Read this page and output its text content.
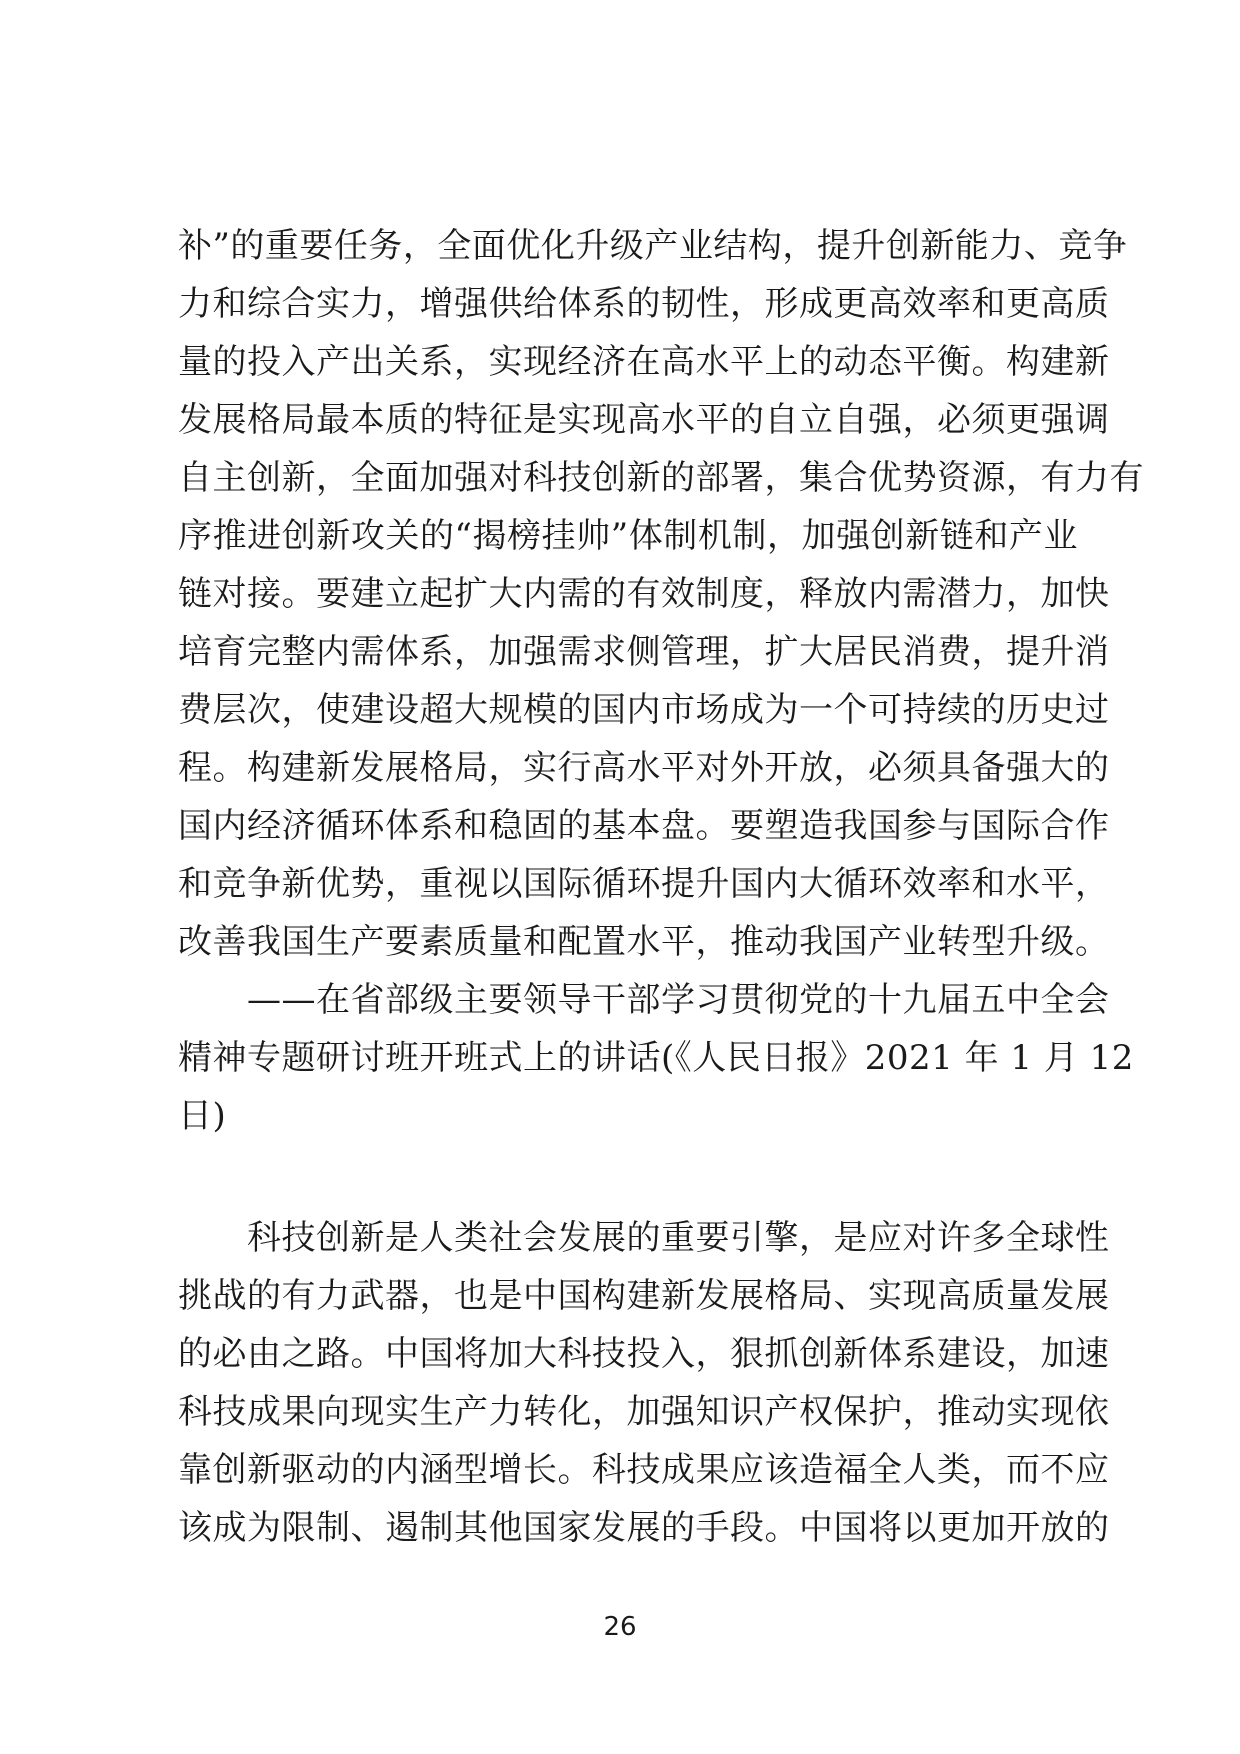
补”的重要任务，全面优化升级产业结构，提升创新能力、竞争
力和综合实力，增强供给体系的韧性，形成更高效率和更高质
量的投入产出关系，实现经济在高水平上的动态平衡。构建新
发展格局最本质的特征是实现高水平的自立自强，必须更强调
自主创新，全面加强对科技创新的部署，集合优势资源，有力有
序推进创新攻关的“揭榜挂帅”体制机制，加强创新链和产业
链对接。要建立起扩大内需的有效制度，释放内需潜力，加快
培育完整内需体系，加强需求侧管理，扩大居民消费，提升消
费层次，使建设超大规模的国内市场成为一个可持续的历史过
程。构建新发展格局，实行高水平对外开放，必须具备强大的
国内经济循环体系和稳固的基本盘。要塑造我国参与国际合作
和竞争新优势，重视以国际循环提升国内大循环效率和水平，
改善我国生产要素质量和配置水平，推动我国产业转型升级。
　　——在省部级主要领导干部学习贯彻党的十九届五中全会
精神专题研讨班开班式上的讲话(《人民日报》2021 年 1 月 12
日)
　　科技创新是人类社会发展的重要引擎，是应对许多全球性
挑战的有力武器，也是中国构建新发展格局、实现高质量发展
的必由之路。中国将加大科技投入，狠抓创新体系建设，加速
科技成果向现实生产力转化，加强知识产权保护，推动实现依
靠创新驱动的内涵型增长。科技成果应该造福全人类，而不应
该成为限制、遏制其他国家发展的手段。中国将以更加开放的
26
